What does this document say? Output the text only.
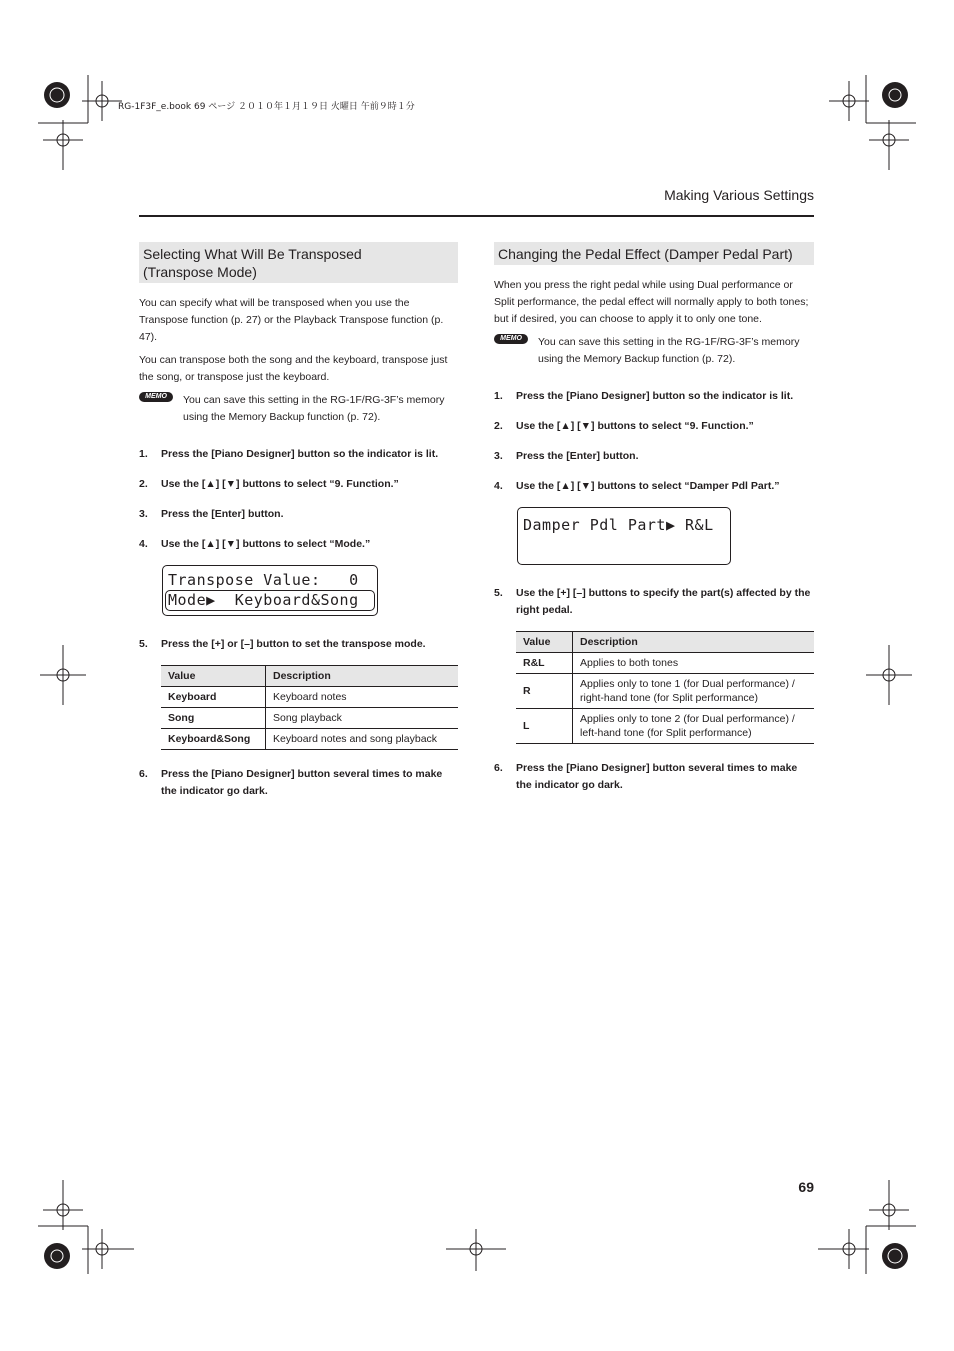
RG-1F3F_e.book 69 ページ ２０１０年１月１９日 火曜日 午前９時１分
Making Various Settings
Selecting What Will Be Transposed
(Transpose Mode)

You can specify what will be transposed when you use the Transpose function (p. 27) or the Playback Transpose function (p. 47).

You can transpose both the song and the keyboard, transpose just the song, or transpose just the keyboard.

MEMO	You can save this setting in the RG-1F/RG-3F’s memory using the Memory Backup function (p. 72).
1. Press the [Piano Designer] button so the indicator is lit.
2. Use the [▲] [▼] buttons to select “9. Function.”
3. Press the [Enter] button.
4. Use the [▲] [▼] buttons to select “Mode.”
Transpose Value:   0
Mode▶  Keyboard&Song
5. Press the [+] or [–] button to set the transpose mode.
Value	Description
Keyboard	Keyboard notes
Song	Song playback
Keyboard&Song	Keyboard notes and song playback
6. Press the [Piano Designer] button several times to make the indicator go dark.
Changing the Pedal Effect (Damper Pedal Part)

When you press the right pedal while using Dual performance or Split performance, the pedal effect will normally apply to both tones; but if desired, you can choose to apply it to only one tone.

MEMO	You can save this setting in the RG-1F/RG-3F’s memory using the Memory Backup function (p. 72).
1. Press the [Piano Designer] button so the indicator is lit.
2. Use the [▲] [▼] buttons to select “9. Function.”
3. Press the [Enter] button.
4. Use the [▲] [▼] buttons to select “Damper Pdl Part.”
Damper Pdl Part▶ R&L
5. Use the [+] [–] buttons to specify the part(s) affected by the right pedal.
Value	Description
R&L	Applies to both tones
R	Applies only to tone 1 (for Dual performance) / right-hand tone (for Split performance)
L	Applies only to tone 2 (for Dual performance) / left-hand tone (for Split performance)
6. Press the [Piano Designer] button several times to make the indicator go dark.
69
